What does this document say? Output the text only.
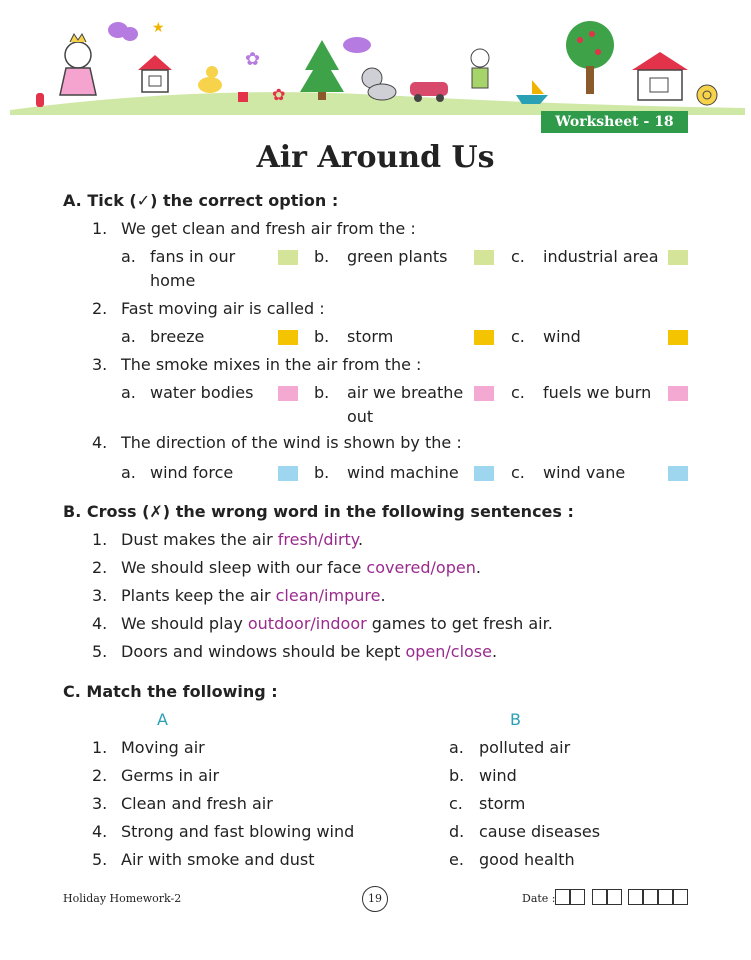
★
✿
✿
Worksheet - 18
Air Around Us
A. Tick (✓) the correct option :
1. We get clean and fresh air from the :
a. fans in our home
b. green plants	c. industrial area
2. Fast moving air is called :
a. breeze	b. storm	c. wind
3. The smoke mixes in the air from the :
a. water bodies	b. air we breathe out
c. fuels we burn
4. The direction of the wind is shown by the :
a. wind force	b. wind machine	c. wind vane
B. Cross (✗) the wrong word in the following sentences :
1. Dust makes the air fresh/dirty.
2. We should sleep with our face covered/open.
3. Plants keep the air clean/impure.
4. We should play outdoor/indoor games to get fresh air.
5. Doors and windows should be kept open/close.
C. Match the following :
A	B
1. Moving air	a. polluted air
2. Germs in air	b. wind
3. Clean and fresh air	c. storm
4. Strong and fast blowing wind	d. cause diseases
5. Air with smoke and dust	e. good health
Holiday Homework-2	19	Date :
